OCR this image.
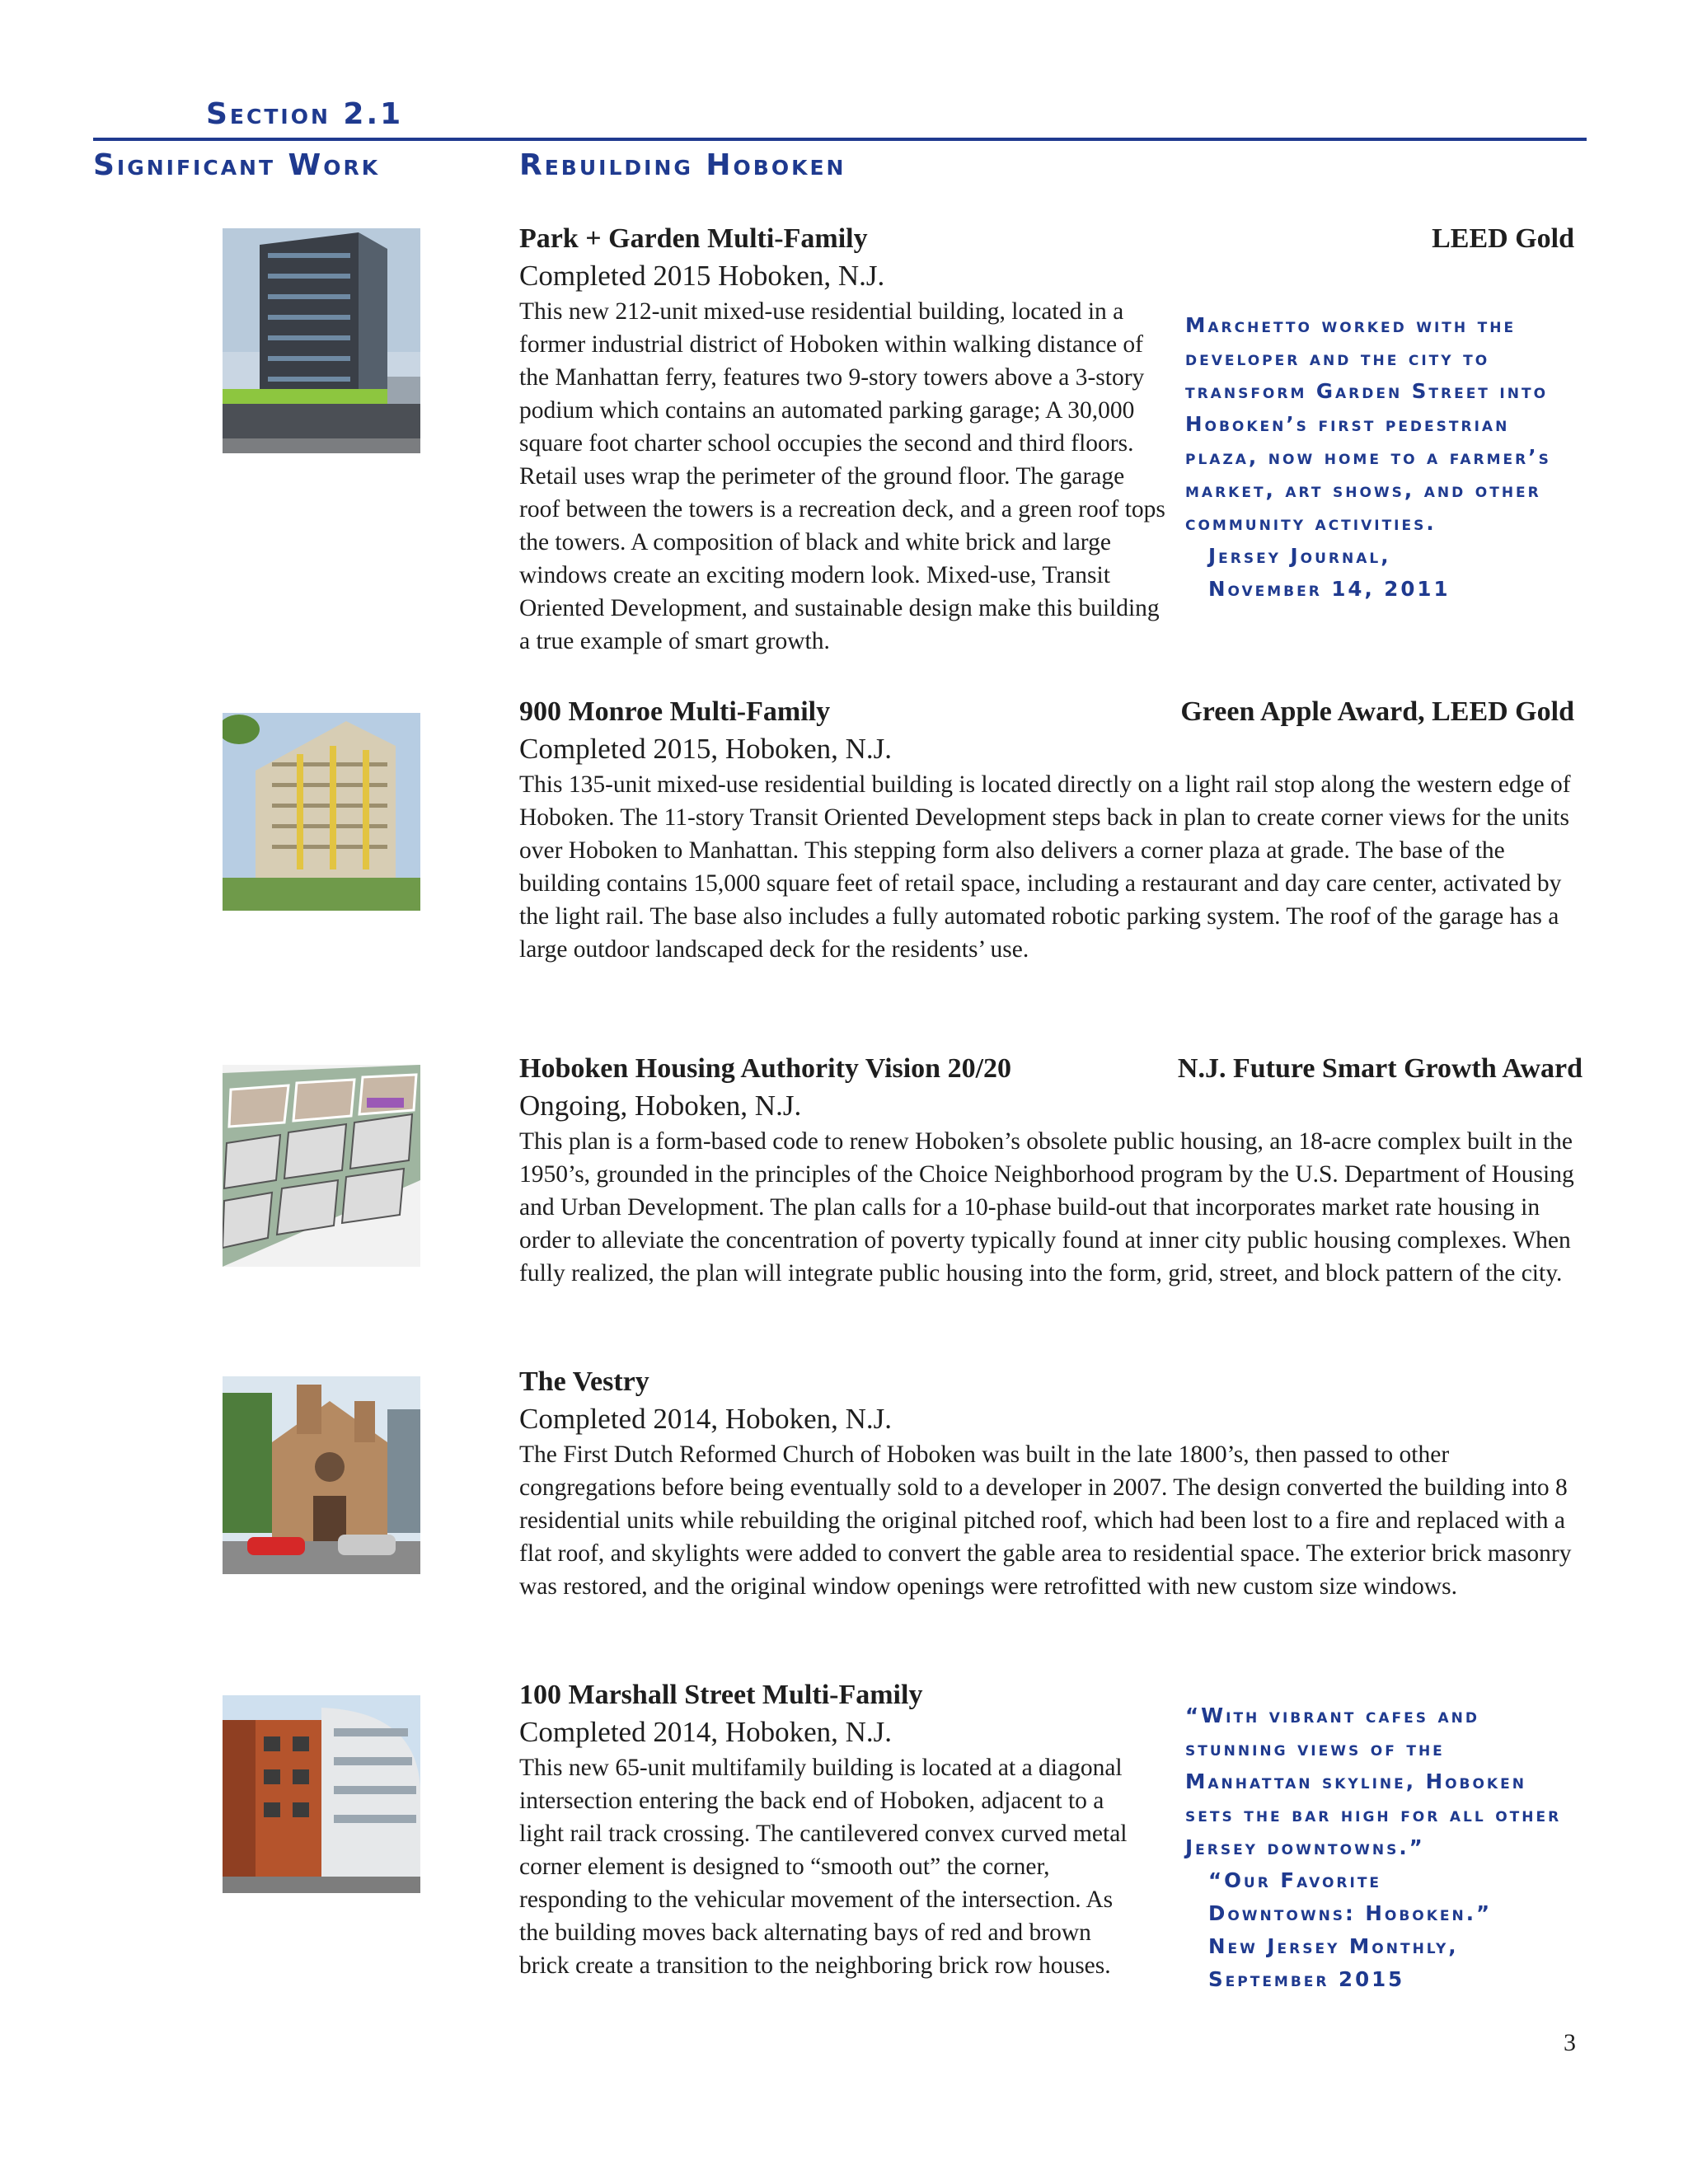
Section 2.1
Significant Work	Rebuilding Hoboken
Park + Garden Multi-Family	LEED Gold
Completed 2015 Hoboken, N.J.

This new 212-unit mixed-use residential building, located in a former industrial district of Hoboken within walking distance of the Manhattan ferry, features two 9-story towers above a 3-story podium which contains an automated parking garage; A 30,000 square foot charter school occupies the second and third floors. Retail uses wrap the perimeter of the ground floor. The garage roof between the towers is a recreation deck, and a green roof tops the towers. A composition of black and white brick and large windows create an exciting modern look. Mixed-use, Transit Oriented Development, and sustainable design make this building a true example of smart growth.

Marchetto worked with the developer and the city to transform Garden Street into Hoboken’s first pedestrian plaza, now home to a farmer’s market, art shows, and other community activities.

Jersey Journal,

November 14, 2011

900 Monroe Multi-Family	Green Apple Award, LEED Gold
Completed 2015, Hoboken, N.J.

This 135-unit mixed-use residential building is located directly on a light rail stop along the western edge of Hoboken. The 11-story Transit Oriented Development steps back in plan to create corner views for the units over Hoboken to Manhattan. This stepping form also delivers a corner plaza at grade. The base of the building contains 15,000 square feet of retail space, including a restaurant and day care center, activated by the light rail. The base also includes a fully automated robotic parking system. The roof of the garage has a large outdoor landscaped deck for the residents’ use.

Hoboken Housing Authority Vision 20/20	N.J. Future Smart Growth Award
Ongoing, Hoboken, N.J.

This plan is a form-based code to renew Hoboken’s obsolete public housing, an 18-acre complex built in the 1950’s, grounded in the principles of the Choice Neighborhood program by the U.S. Department of Housing and Urban Development. The plan calls for a 10-phase build-out that incorporates market rate housing in order to alleviate the concentration of poverty typically found at inner city public housing complexes. When fully realized, the plan will integrate public housing into the form, grid, street, and block pattern of the city.

The Vestry
Completed 2014, Hoboken, N.J.

The First Dutch Reformed Church of Hoboken was built in the late 1800’s, then passed to other congregations before being eventually sold to a developer in 2007. The design converted the building into 8 residential units while rebuilding the original pitched roof, which had been lost to a fire and replaced with a flat roof, and skylights were added to convert the gable area to residential space. The exterior brick masonry was restored, and the original window openings were retrofitted with new custom size windows.

100 Marshall Street Multi-Family
Completed 2014, Hoboken, N.J.

This new 65-unit multifamily building is located at a diagonal intersection entering the back end of Hoboken, adjacent to a light rail track crossing. The cantilevered convex curved metal corner element is designed to “smooth out” the corner, responding to the vehicular movement of the intersection. As the building moves back alternating bays of red and brown brick create a transition to the neighboring brick row houses.

“With vibrant cafes and stunning views of the Manhattan skyline, Hoboken sets the bar high for all other Jersey downtowns.”

“Our Favorite

Downtowns: Hoboken.”

New Jersey Monthly,

September 2015

3
